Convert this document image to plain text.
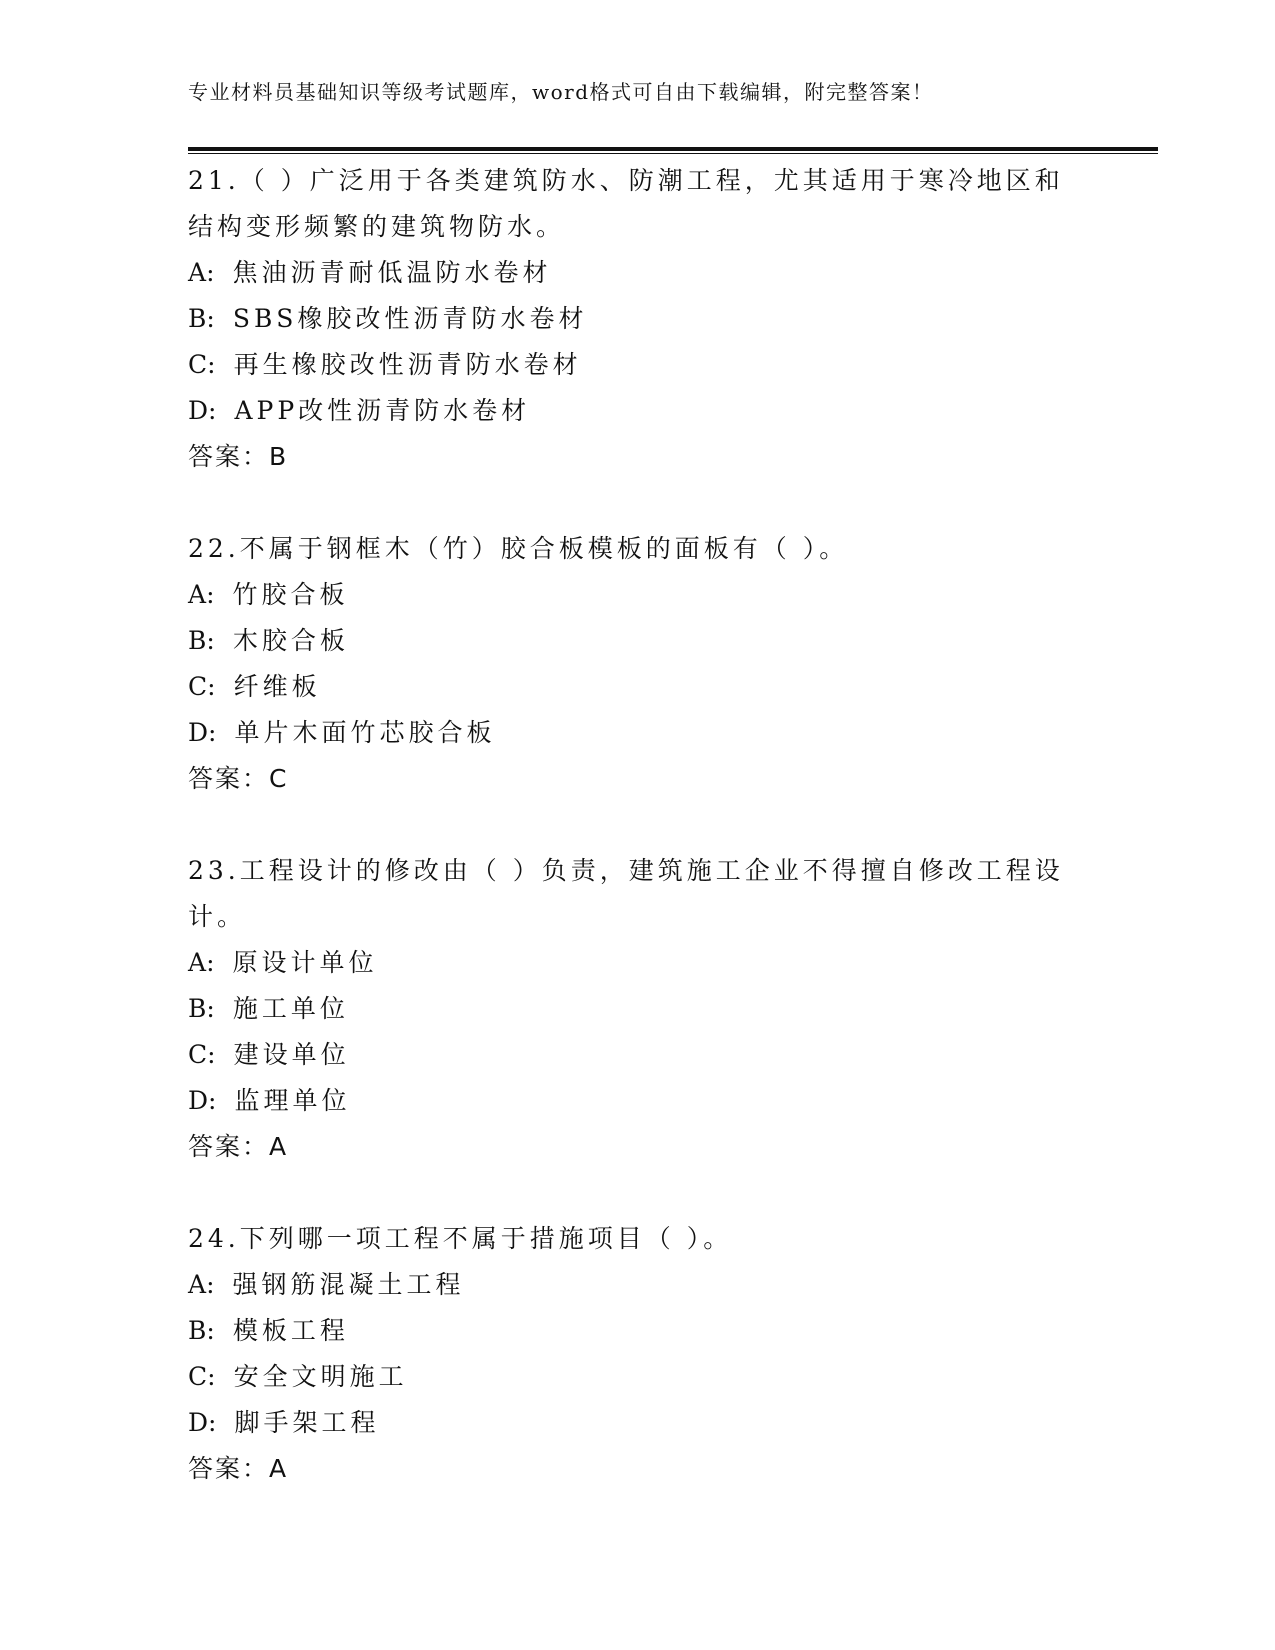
专业材料员基础知识等级考试题库，word格式可自由下载编辑，附完整答案！
21.（ ）广泛用于各类建筑防水、防潮工程，尤其适用于寒冷地区和
结构变形频繁的建筑物防水。
A: 焦油沥青耐低温防水卷材
B: SBS橡胶改性沥青防水卷材
C: 再生橡胶改性沥青防水卷材
D: APP改性沥青防水卷材
答案：B
22.不属于钢框木（竹）胶合板模板的面板有（ ）。
A: 竹胶合板
B: 木胶合板
C: 纤维板
D: 单片木面竹芯胶合板
答案：C
23.工程设计的修改由（ ）负责，建筑施工企业不得擅自修改工程设
计。
A: 原设计单位
B: 施工单位
C: 建设单位
D: 监理单位
答案：A
24.下列哪一项工程不属于措施项目（ ）。
A: 强钢筋混凝土工程
B: 模板工程
C: 安全文明施工
D: 脚手架工程
答案：A
